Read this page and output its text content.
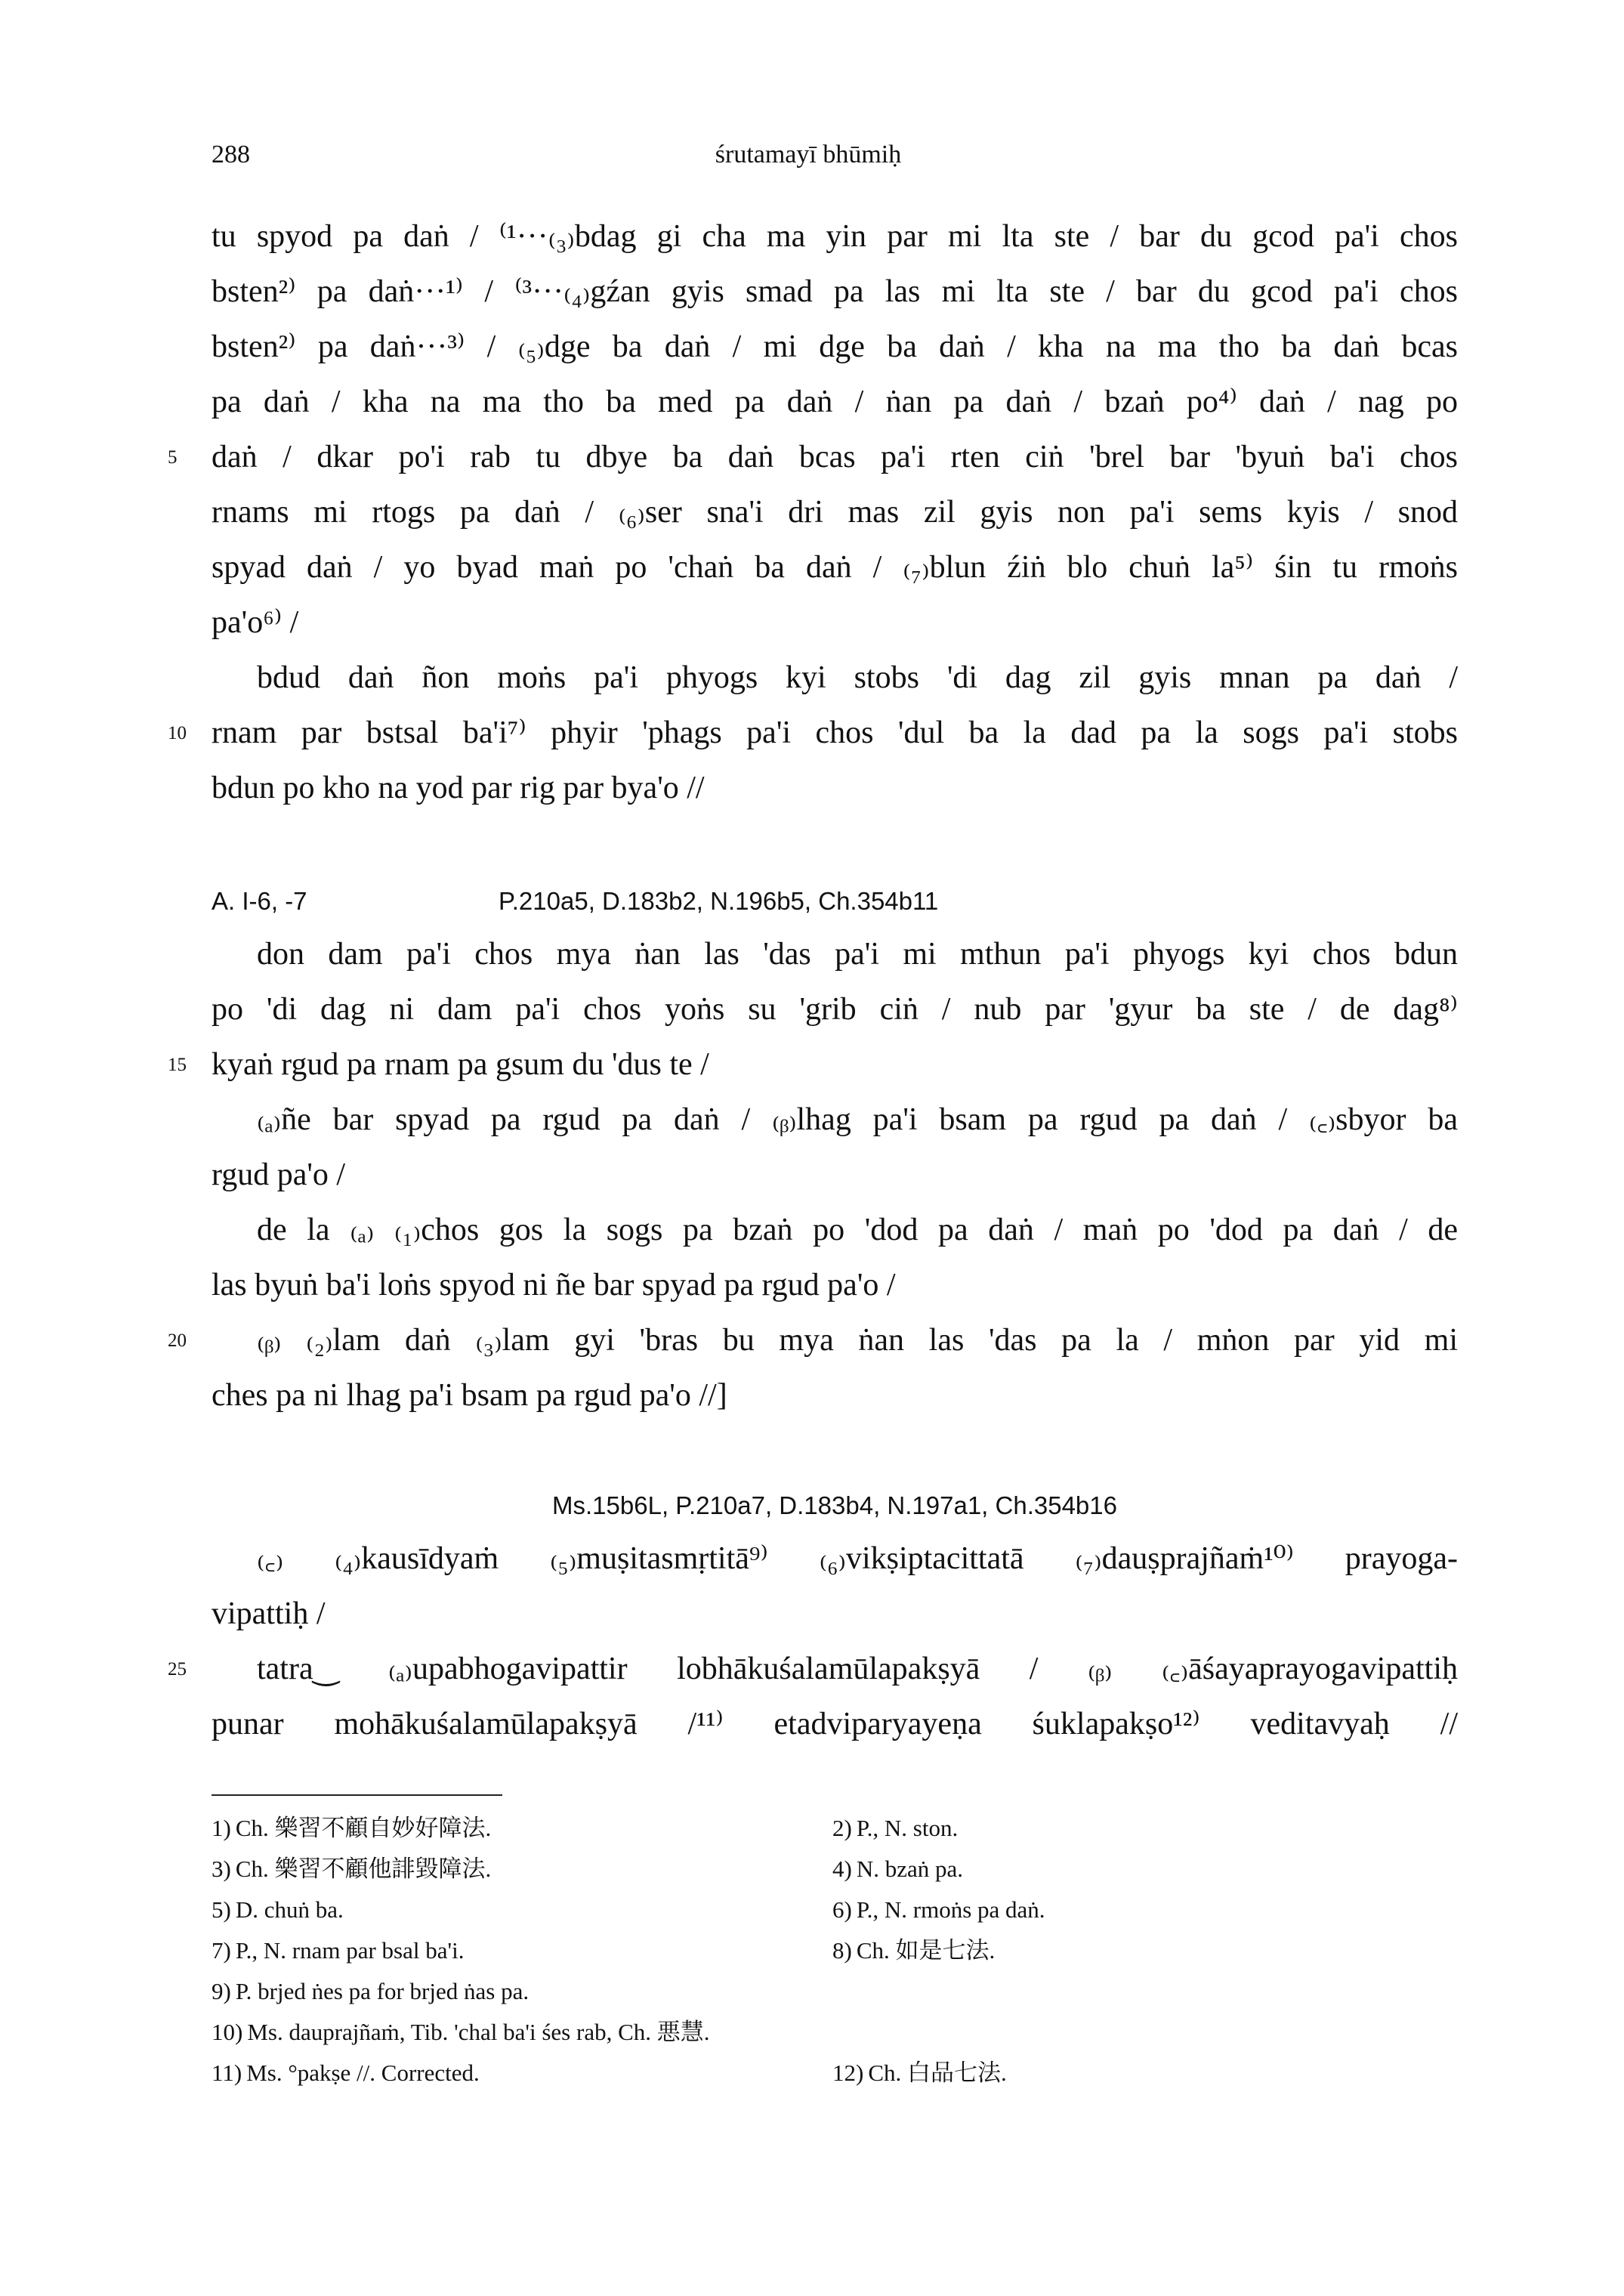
288	śrutamayī bhūmiḥ
tu spyod pa daṅ / ⁽¹···₍₃₎bdag gi cha ma yin par mi lta ste / bar du gcod pa'i chos
bsten²⁾ pa daṅ···¹⁾ / ⁽³···₍₄₎gźan gyis smad pa las mi lta ste / bar du gcod pa'i chos
bsten²⁾ pa daṅ···³⁾ / ₍₅₎dge ba daṅ / mi dge ba daṅ / kha na ma tho ba daṅ bcas
pa daṅ / kha na ma tho ba med pa daṅ / ṅan pa daṅ / bzaṅ po⁴⁾ daṅ / nag po
5 daṅ / dkar po'i rab tu dbye ba daṅ bcas pa'i rten ciṅ 'brel bar 'byuṅ ba'i chos
rnams mi rtogs pa daṅ / ₍₆₎ser sna'i dri mas zil gyis non pa'i sems kyis / snod
spyad daṅ / yo byad maṅ po 'chaṅ ba daṅ / ₍₇₎blun źiṅ blo chuṅ la⁵⁾ śin tu rmoṅs
pa'o⁶⁾ /
bdud daṅ ñon moṅs pa'i phyogs kyi stobs 'di dag zil gyis mnan pa daṅ /
10 rnam par bstsal ba'i⁷⁾ phyir 'phags pa'i chos 'dul ba la dad pa la sogs pa'i stobs
bdun po kho na yod par rig par bya'o //
A. I-6, -7	P.210a5, D.183b2, N.196b5, Ch.354b11
don dam pa'i chos mya ṅan las 'das pa'i mi mthun pa'i phyogs kyi chos bdun
po 'di dag ni dam pa'i chos yoṅs su 'grib ciṅ / nub par 'gyur ba ste / de dag⁸⁾
15 kyaṅ rgud pa rnam pa gsum du 'dus te /
₍ₐ₎ñe bar spyad pa rgud pa daṅ / ₍ᵦ₎lhag pa'i bsam pa rgud pa daṅ / ₍꜀₎sbyor ba
rgud pa'o /
de la ₍ₐ₎ ₍₁₎chos gos la sogs pa bzaṅ po 'dod pa daṅ / maṅ po 'dod pa daṅ / de
las byuṅ ba'i loṅs spyod ni ñe bar spyad pa rgud pa'o /
20	₍ᵦ₎ ₍₂₎lam daṅ ₍₃₎lam gyi 'bras bu mya ṅan las 'das pa la / mṅon par yid mi
ches pa ni lhag pa'i bsam pa rgud pa'o //]
Ms.15b6L, P.210a7, D.183b4, N.197a1, Ch.354b16
₍꜀₎ ₍₄₎kausīdyaṁ ₍₅₎muṣitasmṛtitā⁹⁾ ₍₆₎vikṣiptacittatā ₍₇₎dauṣprajñaṁ¹⁰⁾ prayoga-
vipattiḥ /
25	tatra‿ ₍ₐ₎upabhogavipattir lobhākuśalamūlapakṣyā / ₍ᵦ₎ ₍꜀₎āśayaprayogavipattiḥ
punar mohākuśalamūlapakṣyā /¹¹⁾ etadviparyayeṇa śuklapakṣo¹²⁾ veditavyaḥ //
1) Ch. 樂習不顧自妙好障法.	2) P., N. ston.
3) Ch. 樂習不顧他誹毀障法.	4) N. bzaṅ pa.
5) D. chuṅ ba.	6) P., N. rmoṅs pa daṅ.
7) P., N. rnam par bsal ba'i.	8) Ch. 如是七法.
9) P. brjed ṅes pa for brjed ṅas pa.
10) Ms. dauprajñaṁ, Tib. 'chal ba'i śes rab, Ch. 悪慧.
11) Ms. °pakṣe //. Corrected.	12) Ch. 白品七法.
